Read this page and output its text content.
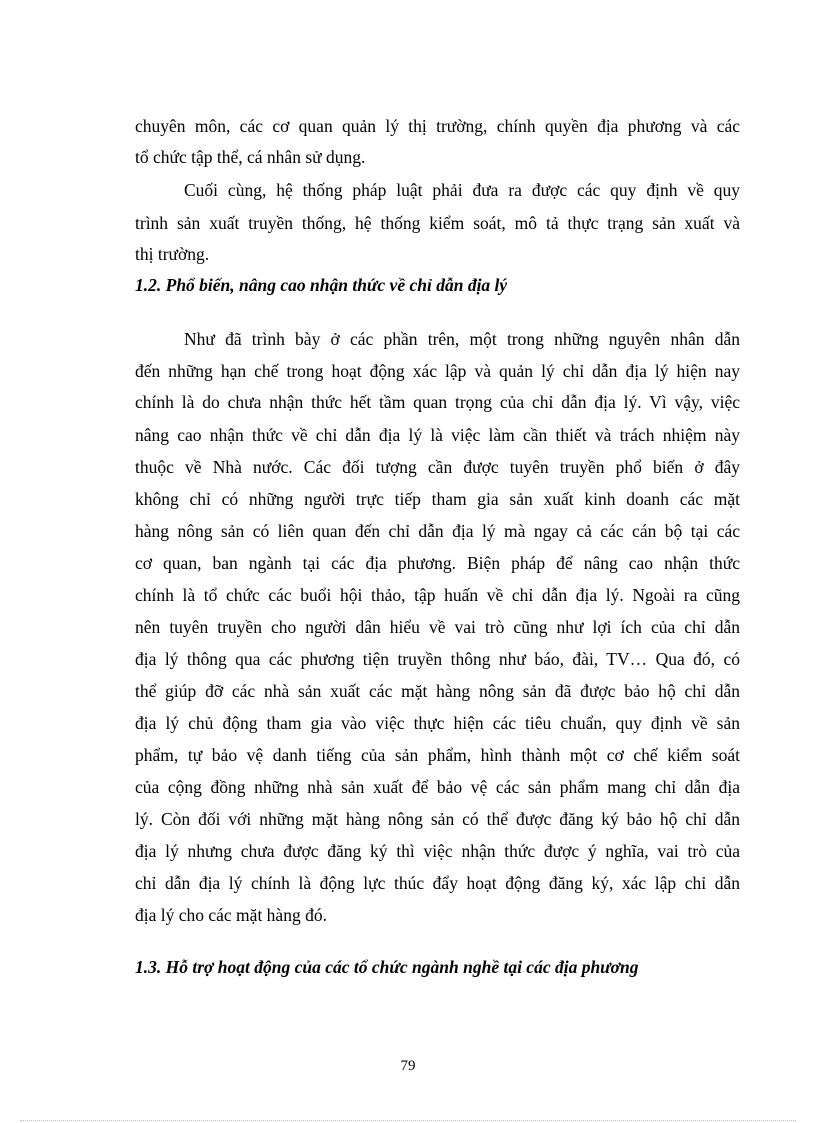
chuyên môn, các cơ quan quản lý thị trường, chính quyền địa phương và các
tổ chức tập thể, cá nhân sử dụng.
Cuối cùng, hệ thống pháp luật phải đưa ra được các quy định về quy
trình sản xuất truyền thống, hệ thống kiểm soát, mô tả thực trạng sản xuất và
thị trường.
1.2. Phổ biến, nâng cao nhận thức về chỉ dẫn địa lý
Như đã trình bày ở các phần trên, một trong những nguyên nhân dẫn
đến những hạn chế trong hoạt động xác lập và quản lý chỉ dẫn địa lý hiện nay
chính là do chưa nhận thức hết tầm quan trọng của chỉ dẫn địa lý. Vì vậy, việc
nâng cao nhận thức về chỉ dẫn địa lý là việc làm cần thiết và trách nhiệm này
thuộc về Nhà nước. Các đối tượng cần được tuyên truyền phổ biến ở đây
không chỉ có những người trực tiếp tham gia sản xuất kinh doanh các mặt
hàng nông sản có liên quan đến chỉ dẫn địa lý mà ngay cả các cán bộ tại các
cơ quan, ban ngành tại các địa phương. Biện pháp để nâng cao nhận thức
chính là tổ chức các buổi hội thảo, tập huấn về chỉ dẫn địa lý. Ngoài ra cũng
nên tuyên truyền cho người dân hiểu về vai trò cũng như lợi ích của chỉ dẫn
địa lý thông qua các phương tiện truyền thông như báo, đài, TV… Qua đó, có
thể giúp đỡ các nhà sản xuất các mặt hàng nông sản đã được bảo hộ chỉ dẫn
địa lý chủ động tham gia vào việc thực hiện các tiêu chuẩn, quy định về sản
phẩm, tự bảo vệ danh tiếng của sản phẩm, hình thành một cơ chế kiểm soát
của cộng đồng những nhà sản xuất để bảo vệ các sản phẩm mang chỉ dẫn địa
lý. Còn đối với những mặt hàng nông sản có thể được đăng ký bảo hộ chỉ dẫn
địa lý nhưng chưa được đăng ký thì việc nhận thức được ý nghĩa, vai trò của
chỉ dẫn địa lý chính là động lực thúc đẩy hoạt động đăng ký, xác lập chỉ dẫn
địa lý cho các mặt hàng đó.
1.3. Hỗ trợ hoạt động của các tổ chức ngành nghề tại các địa phương
79
